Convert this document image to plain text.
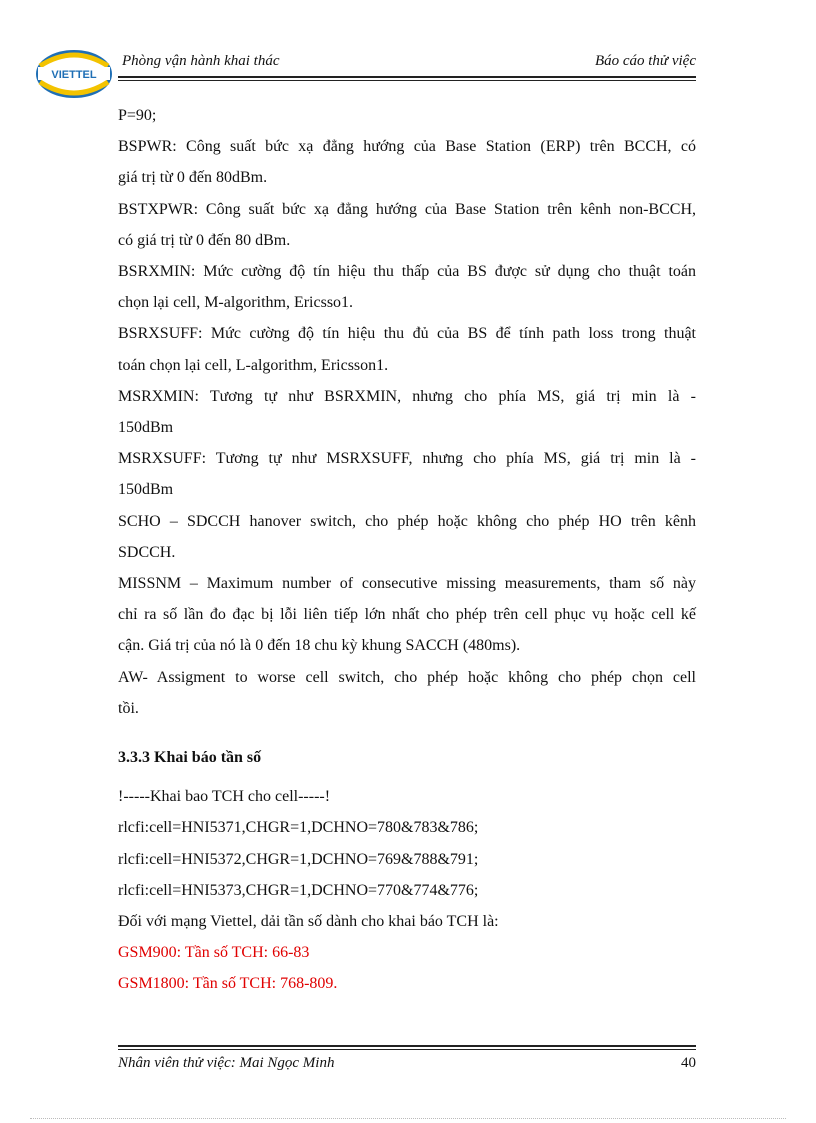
VIETTEL
Phòng vận hành khai thác	Báo cáo thử việc

P=90;

BSPWR: Công suất bức xạ đẳng hướng của Base Station (ERP) trên BCCH, có

giá trị từ 0 đến 80dBm.

BSTXPWR: Công suất bức xạ đẳng hướng của Base Station trên kênh non-BCCH,

có giá trị từ 0 đến 80 dBm.

BSRXMIN: Mức cường độ tín hiệu thu thấp của BS được sử dụng cho thuật toán

chọn lại cell, M-algorithm, Ericsso1.

BSRXSUFF: Mức cường độ tín hiệu thu đủ của BS để tính path loss trong thuật

toán chọn lại cell, L-algorithm, Ericsson1.

MSRXMIN: Tương tự như BSRXMIN, nhưng cho phía MS, giá trị min là -

150dBm

MSRXSUFF: Tương tự như MSRXSUFF, nhưng cho phía MS, giá trị min là -

150dBm

SCHO – SDCCH hanover switch, cho phép hoặc không cho phép HO trên kênh

SDCCH.

MISSNM – Maximum number of consecutive missing measurements, tham số này

chỉ ra số lần đo đạc bị lỗi liên tiếp lớn nhất cho phép trên cell phục vụ hoặc cell kế

cận. Giá trị của nó là 0 đến 18 chu kỳ khung SACCH (480ms).

AW- Assigment to worse cell switch, cho phép hoặc không cho phép chọn cell

tồi.

3.3.3 Khai báo tần số

!-----Khai bao TCH cho cell-----!

rlcfi:cell=HNI5371,CHGR=1,DCHNO=780&783&786;

rlcfi:cell=HNI5372,CHGR=1,DCHNO=769&788&791;

rlcfi:cell=HNI5373,CHGR=1,DCHNO=770&774&776;

Đối với mạng Viettel, dải tần số dành cho khai báo TCH là:

GSM900: Tần số TCH: 66-83

GSM1800: Tần số TCH: 768-809.

Nhân viên thử việc: Mai Ngọc Minh	40
